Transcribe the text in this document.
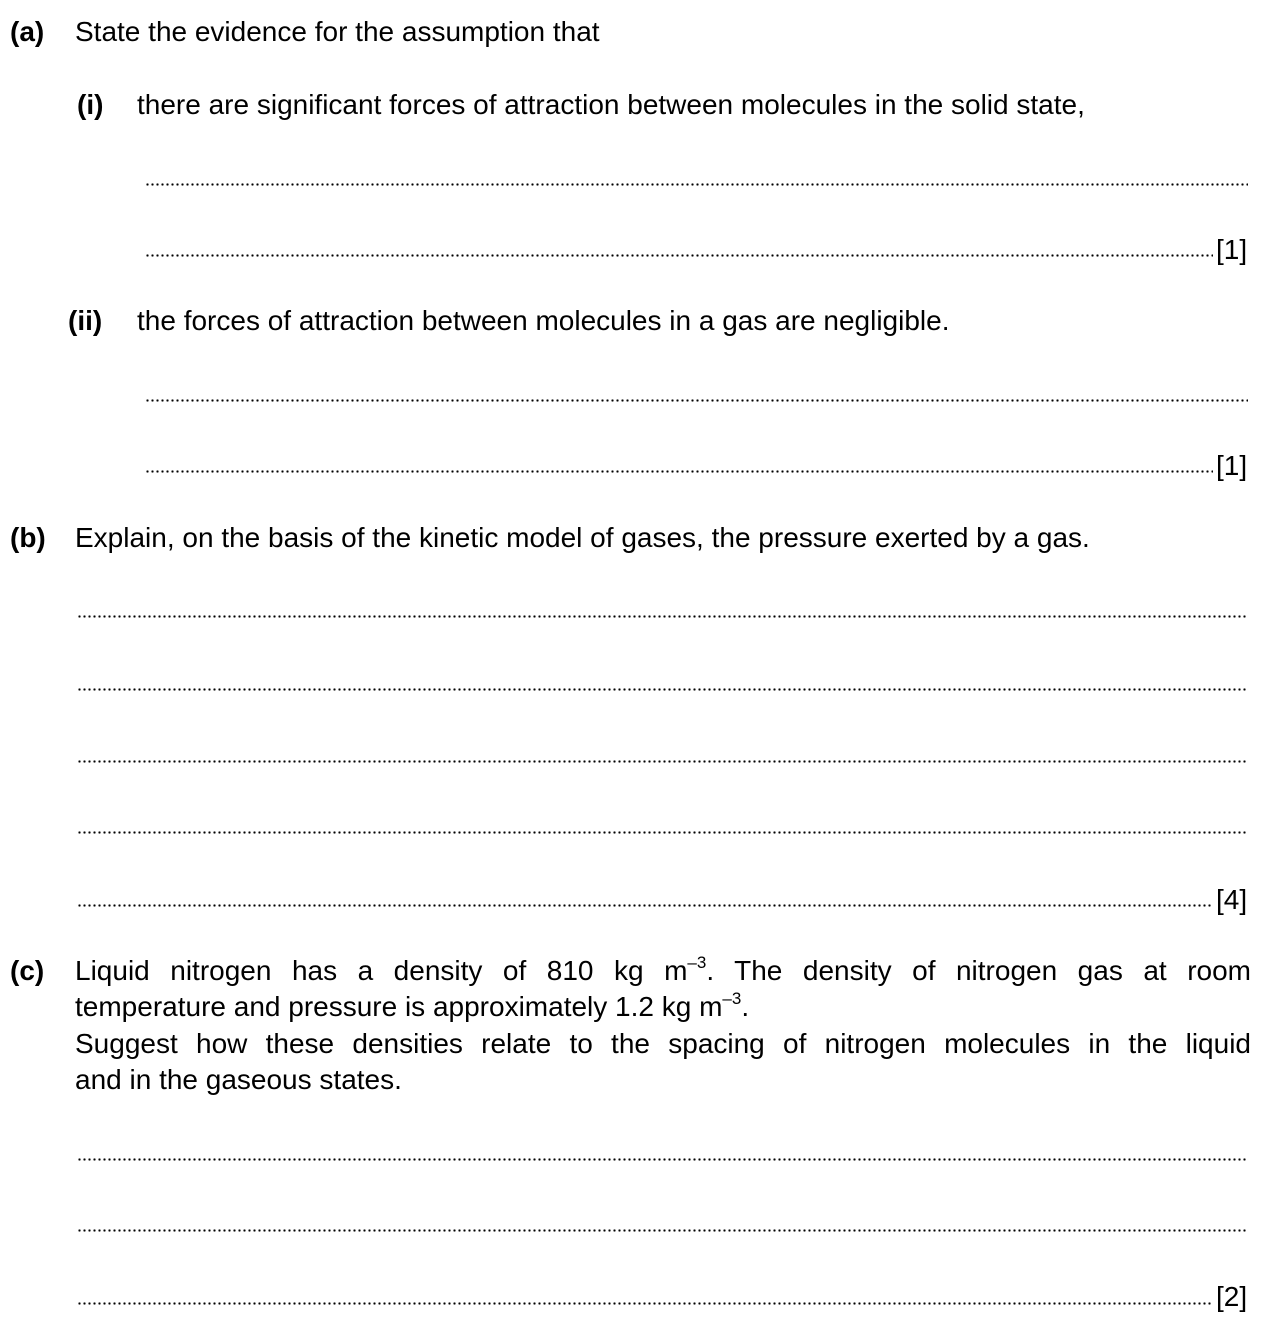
(a) State the evidence for the assumption that
(i) there are significant forces of attraction between molecules in the solid state,
[1]
(ii) the forces of attraction between molecules in a gas are negligible.
[1]
(b) Explain, on the basis of the kinetic model of gases, the pressure exerted by a gas.
[4]
(c) Liquid nitrogen has a density of 810 kg $m^{-3}$. The density of nitrogen gas at room
temperature and pressure is approximately 1.2 kg $m^{-3}$.
Suggest how these densities relate to the spacing of nitrogen molecules in the liquid
and in the gaseous states.
[2]
